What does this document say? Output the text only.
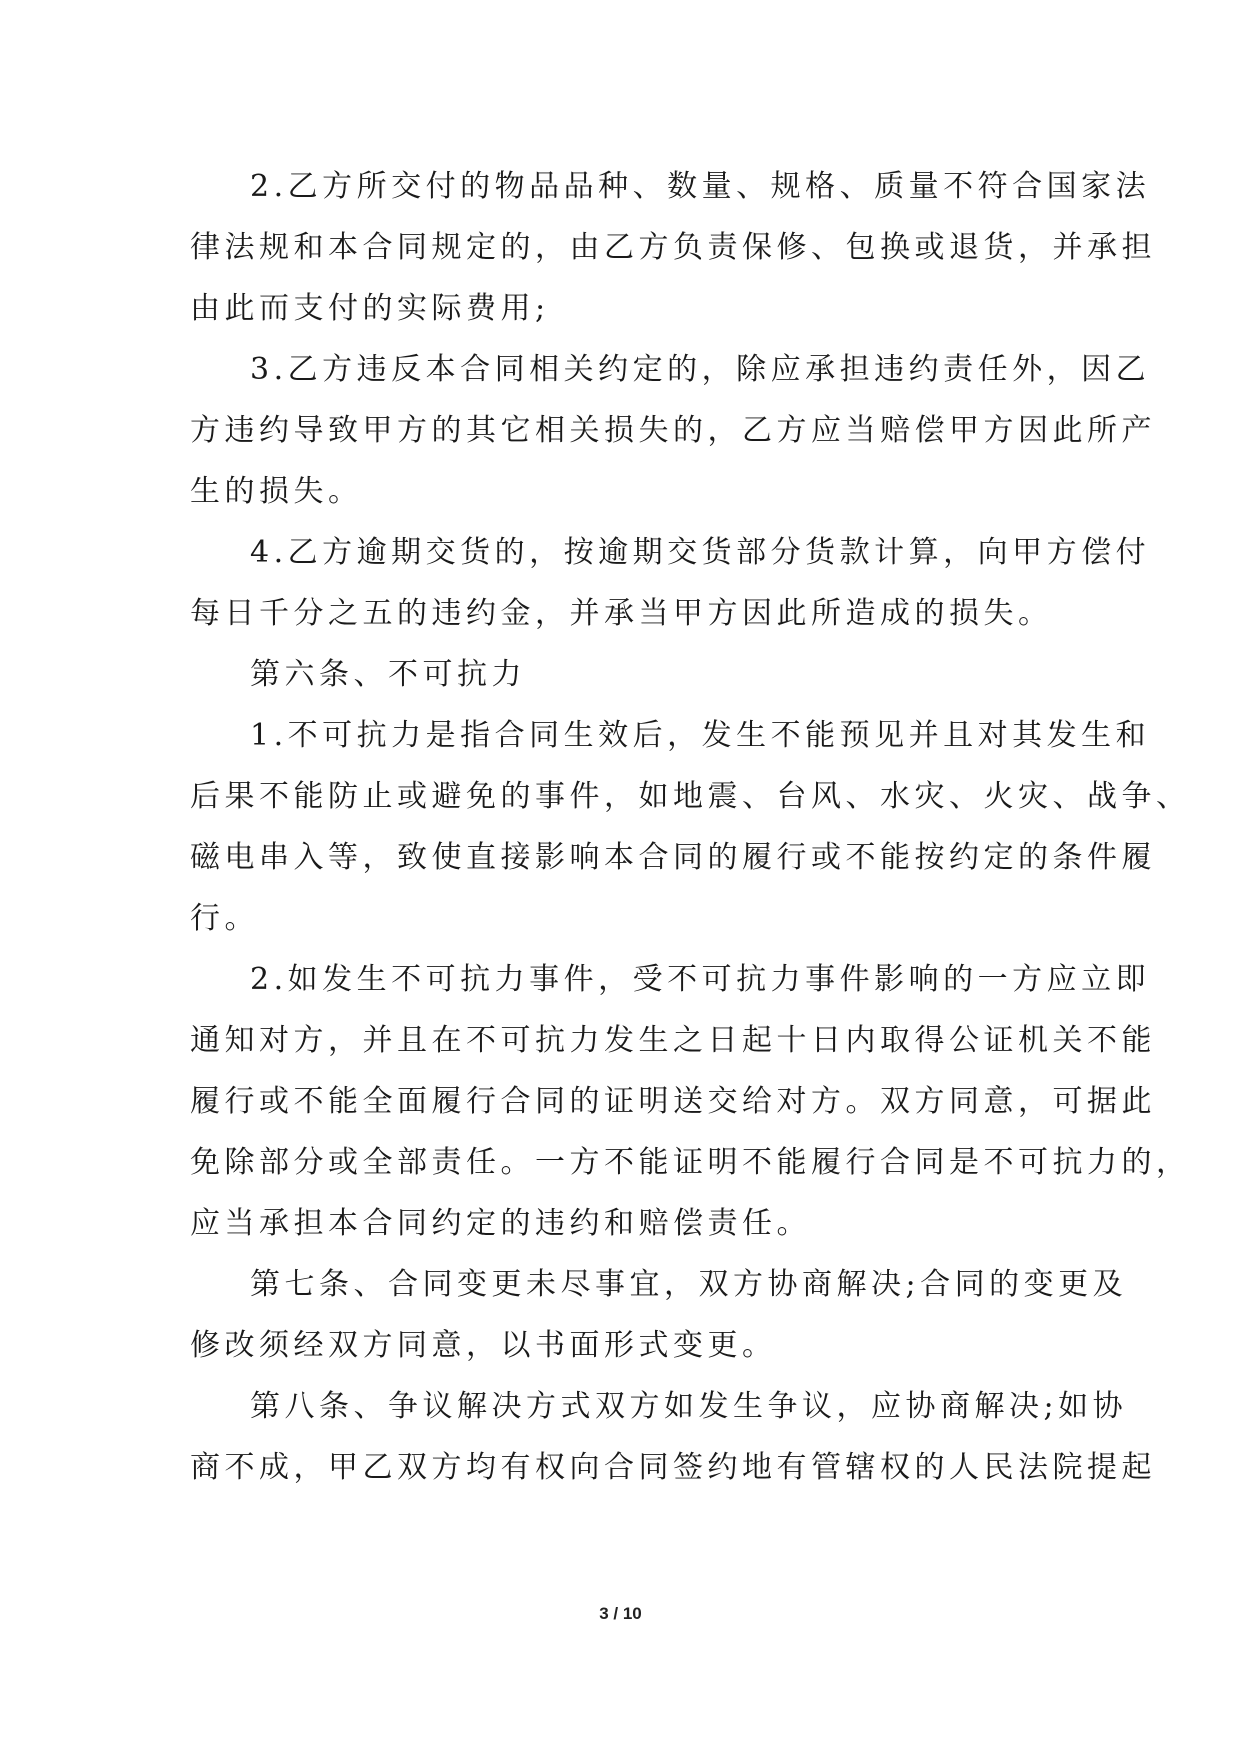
2.乙方所交付的物品品种、数量、规格、质量不符合国家法
律法规和本合同规定的，由乙方负责保修、包换或退货，并承担
由此而支付的实际费用;

3.乙方违反本合同相关约定的，除应承担违约责任外，因乙
方违约导致甲方的其它相关损失的，乙方应当赔偿甲方因此所产
生的损失。

4.乙方逾期交货的，按逾期交货部分货款计算，向甲方偿付
每日千分之五的违约金，并承当甲方因此所造成的损失。

第六条、不可抗力

1.不可抗力是指合同生效后，发生不能预见并且对其发生和
后果不能防止或避免的事件，如地震、台风、水灾、火灾、战争、
磁电串入等，致使直接影响本合同的履行或不能按约定的条件履
行。

2.如发生不可抗力事件，受不可抗力事件影响的一方应立即
通知对方，并且在不可抗力发生之日起十日内取得公证机关不能
履行或不能全面履行合同的证明送交给对方。双方同意，可据此
免除部分或全部责任。一方不能证明不能履行合同是不可抗力的，
应当承担本合同约定的违约和赔偿责任。

第七条、合同变更未尽事宜，双方协商解决;合同的变更及
修改须经双方同意，以书面形式变更。

第八条、争议解决方式双方如发生争议，应协商解决;如协
商不成，甲乙双方均有权向合同签约地有管辖权的人民法院提起

3 / 10
